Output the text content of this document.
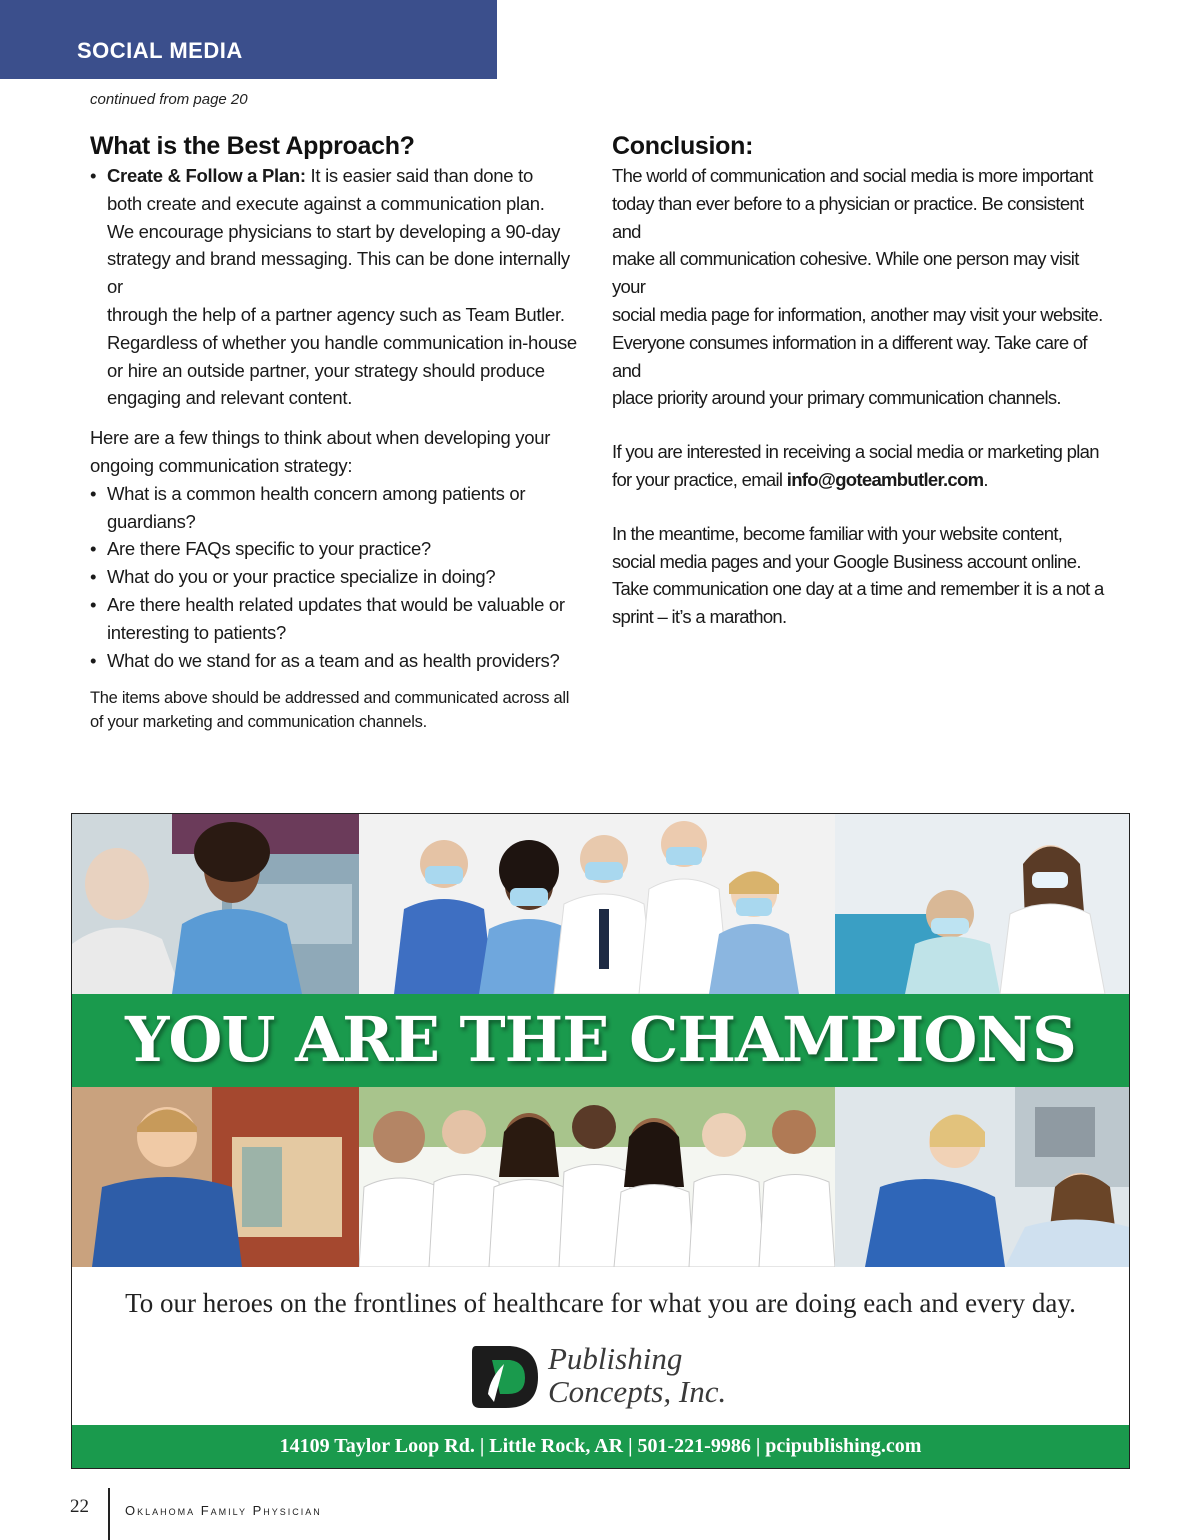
SOCIAL MEDIA
continued from page 20
What is the Best Approach?
• Create & Follow a Plan: It is easier said than done to
both create and execute against a communication plan.
We encourage physicians to start by developing a 90-day
strategy and brand messaging. This can be done internally or
through the help of a partner agency such as Team Butler.
Regardless of whether you handle communication in-house
or hire an outside partner, your strategy should produce
engaging and relevant content.

Here are a few things to think about when developing your
ongoing communication strategy:

• What is a common health concern among patients or
guardians?
• Are there FAQs specific to your practice?
• What do you or your practice specialize in doing?
• Are there health related updates that would be valuable or
interesting to patients?
• What do we stand for as a team and as health providers?

The items above should be addressed and communicated across all
of your marketing and communication channels.

Conclusion:

The world of communication and social media is more important
today than ever before to a physician or practice. Be consistent and
make all communication cohesive. While one person may visit your
social media page for information, another may visit your website.
Everyone consumes information in a different way. Take care of and
place priority around your primary communication channels.

If you are interested in receiving a social media or marketing plan
for your practice, email info@goteambutler.com.

In the meantime, become familiar with your website content,
social media pages and your Google Business account online.
Take communication one day at a time and remember it is a not a
sprint – it’s a marathon.

YOU ARE THE CHAMPIONS
To our heroes on the frontlines of healthcare for what you are doing each and every day.
Publishing
Concepts, Inc.
14109 Taylor Loop Rd. | Little Rock, AR | 501-221-9986 | pcipublishing.com
22	Oklahoma Family Physician
